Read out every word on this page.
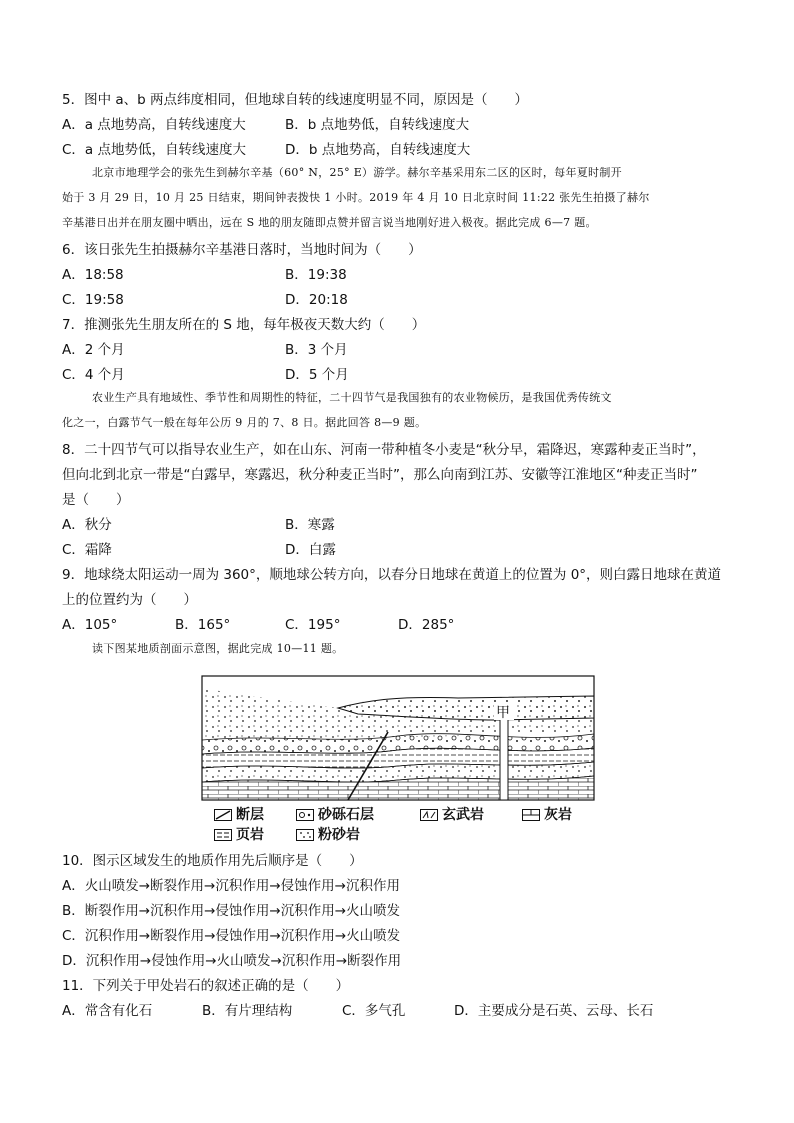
5．图中 a、b 两点纬度相同，但地球自转的线速度明显不同，原因是（　　）
A．a 点地势高，自转线速度大	B．b 点地势低，自转线速度大
C．a 点地势低，自转线速度大	D．b 点地势高，自转线速度大
北京市地理学会的张先生到赫尔辛基（60° N，25° E）游学。赫尔辛基采用东二区的区时，每年夏时制开
始于 3 月 29 日，10 月 25 日结束，期间钟表拨快 1 小时。2019 年 4 月 10 日北京时间 11:22 张先生拍摄了赫尔
辛基港日出并在朋友圈中晒出，远在 S 地的朋友随即点赞并留言说当地刚好进入极夜。据此完成 6—7 题。
6．该日张先生拍摄赫尔辛基港日落时，当地时间为（　　）
A．18:58	B．19:38
C．19:58	D．20:18
7．推测张先生朋友所在的 S 地，每年极夜天数大约（　　）
A．2 个月	B．3 个月
C．4 个月	D．5 个月
农业生产具有地域性、季节性和周期性的特征，二十四节气是我国独有的农业物候历，是我国优秀传统文
化之一，白露节气一般在每年公历 9 月的 7、8 日。据此回答 8—9 题。
8．二十四节气可以指导农业生产，如在山东、河南一带种植冬小麦是“秋分早，霜降迟，寒露种麦正当时”，
但向北到北京一带是“白露早，寒露迟，秋分种麦正当时”，那么向南到江苏、安徽等江淮地区“种麦正当时”
是（　　）
A．秋分	B．寒露
C．霜降	D．白露
9．地球绕太阳运动一周为 360°，顺地球公转方向，以春分日地球在黄道上的位置为 0°，则白露日地球在黄道
上的位置约为（　　）
A．105°	B．165°	C．195°	D．285°
读下图某地质剖面示意图，据此完成 10—11 题。
甲
断层	砂砾石层	玄武岩	灰岩
页岩	粉砂岩
10．图示区域发生的地质作用先后顺序是（　　）
A．火山喷发→断裂作用→沉积作用→侵蚀作用→沉积作用
B．断裂作用→沉积作用→侵蚀作用→沉积作用→火山喷发
C．沉积作用→断裂作用→侵蚀作用→沉积作用→火山喷发
D．沉积作用→侵蚀作用→火山喷发→沉积作用→断裂作用
11．下列关于甲处岩石的叙述正确的是（　　）
A．常含有化石	B．有片理结构	C．多气孔	D．主要成分是石英、云母、长石
